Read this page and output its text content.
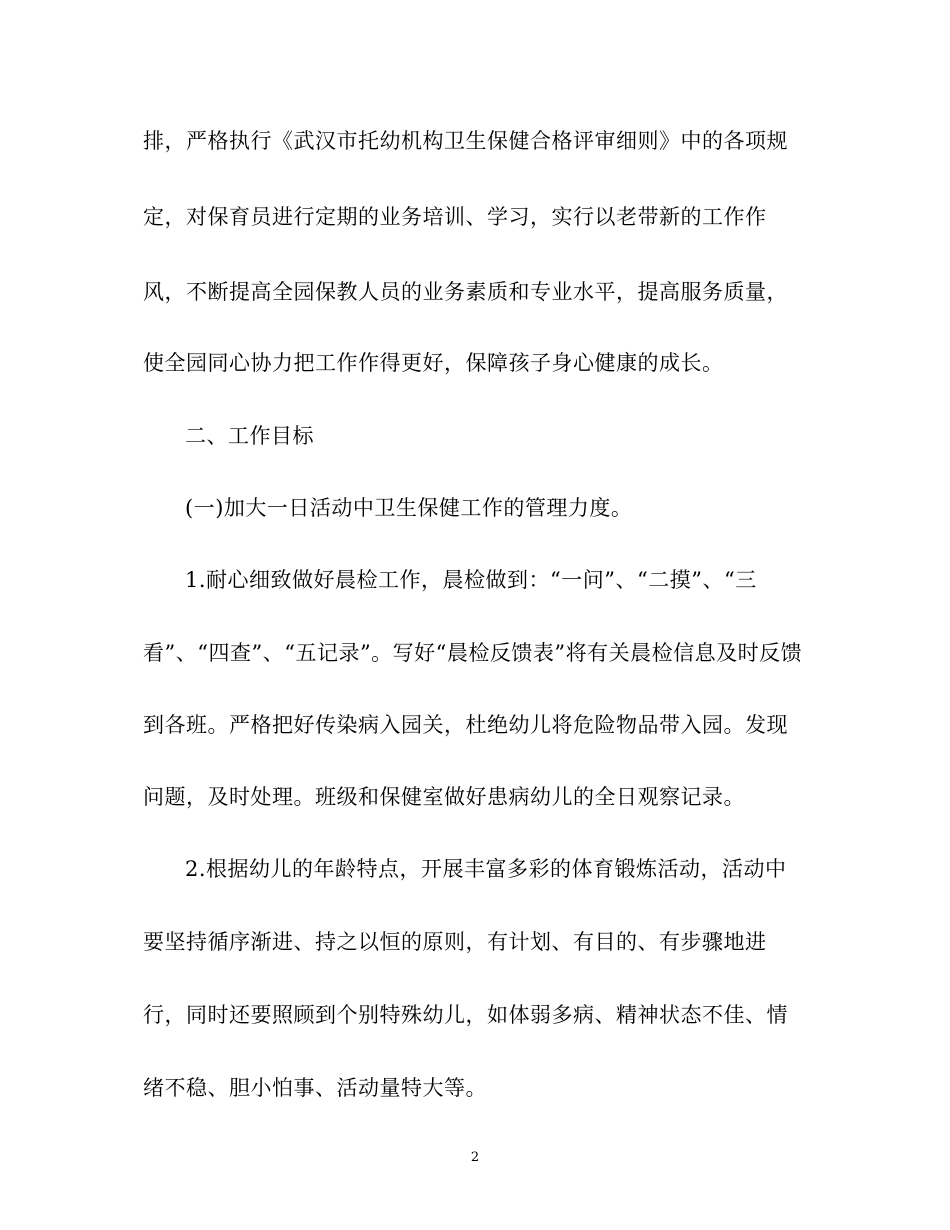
排，严格执行《武汉市托幼机构卫生保健合格评审细则》中的各项规
定，对保育员进行定期的业务培训、学习，实行以老带新的工作作
风，不断提高全园保教人员的业务素质和专业水平，提高服务质量，
使全园同心协力把工作作得更好，保障孩子身心健康的成长。
二、工作目标
(一)加大一日活动中卫生保健工作的管理力度。
1.耐心细致做好晨检工作，晨检做到：“一问”、“二摸”、“三
看”、“四查”、“五记录”。写好“晨检反馈表”将有关晨检信息及时反馈
到各班。严格把好传染病入园关，杜绝幼儿将危险物品带入园。发现
问题，及时处理。班级和保健室做好患病幼儿的全日观察记录。
2.根据幼儿的年龄特点，开展丰富多彩的体育锻炼活动，活动中
要坚持循序渐进、持之以恒的原则，有计划、有目的、有步骤地进
行，同时还要照顾到个别特殊幼儿，如体弱多病、精神状态不佳、情
绪不稳、胆小怕事、活动量特大等。
2
